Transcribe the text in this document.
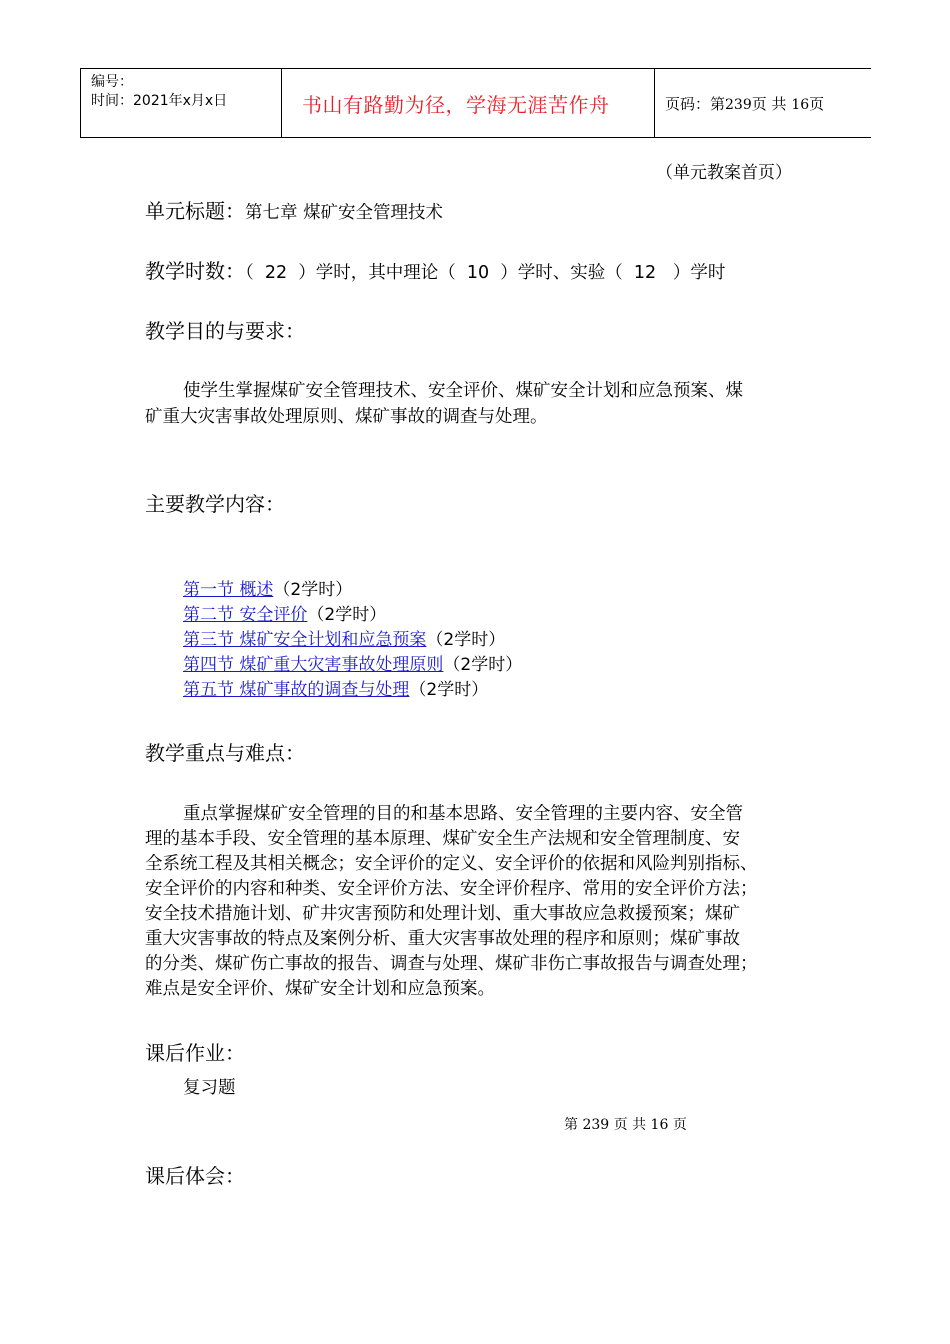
编号：
时间：2021年x月x日	书山有路勤为径，学海无涯苦作舟	页码：第239页 共 16页
（单元教案首页）
单元标题：第七章 煤矿安全管理技术
教学时数：（  22  ）学时，其中理论（  10  ）学时、实验（  12   ）学时
教学目的与要求：
使学生掌握煤矿安全管理技术、安全评价、煤矿安全计划和应急预案、煤
矿重大灾害事故处理原则、煤矿事故的调查与处理。
主要教学内容：
第一节 概述（2学时）
第二节 安全评价（2学时）
第三节 煤矿安全计划和应急预案（2学时）
第四节 煤矿重大灾害事故处理原则（2学时）
第五节 煤矿事故的调查与处理（2学时）
教学重点与难点：
重点掌握煤矿安全管理的目的和基本思路、安全管理的主要内容、安全管
理的基本手段、安全管理的基本原理、煤矿安全生产法规和安全管理制度、安
全系统工程及其相关概念；安全评价的定义、安全评价的依据和风险判别指标、
安全评价的内容和种类、安全评价方法、安全评价程序、常用的安全评价方法；
安全技术措施计划、矿井灾害预防和处理计划、重大事故应急救援预案；煤矿
重大灾害事故的特点及案例分析、重大灾害事故处理的程序和原则；煤矿事故
的分类、煤矿伤亡事故的报告、调查与处理、煤矿非伤亡事故报告与调查处理；
难点是安全评价、煤矿安全计划和应急预案。
课后作业：
复习题
第 239 页 共 16 页
课后体会：
